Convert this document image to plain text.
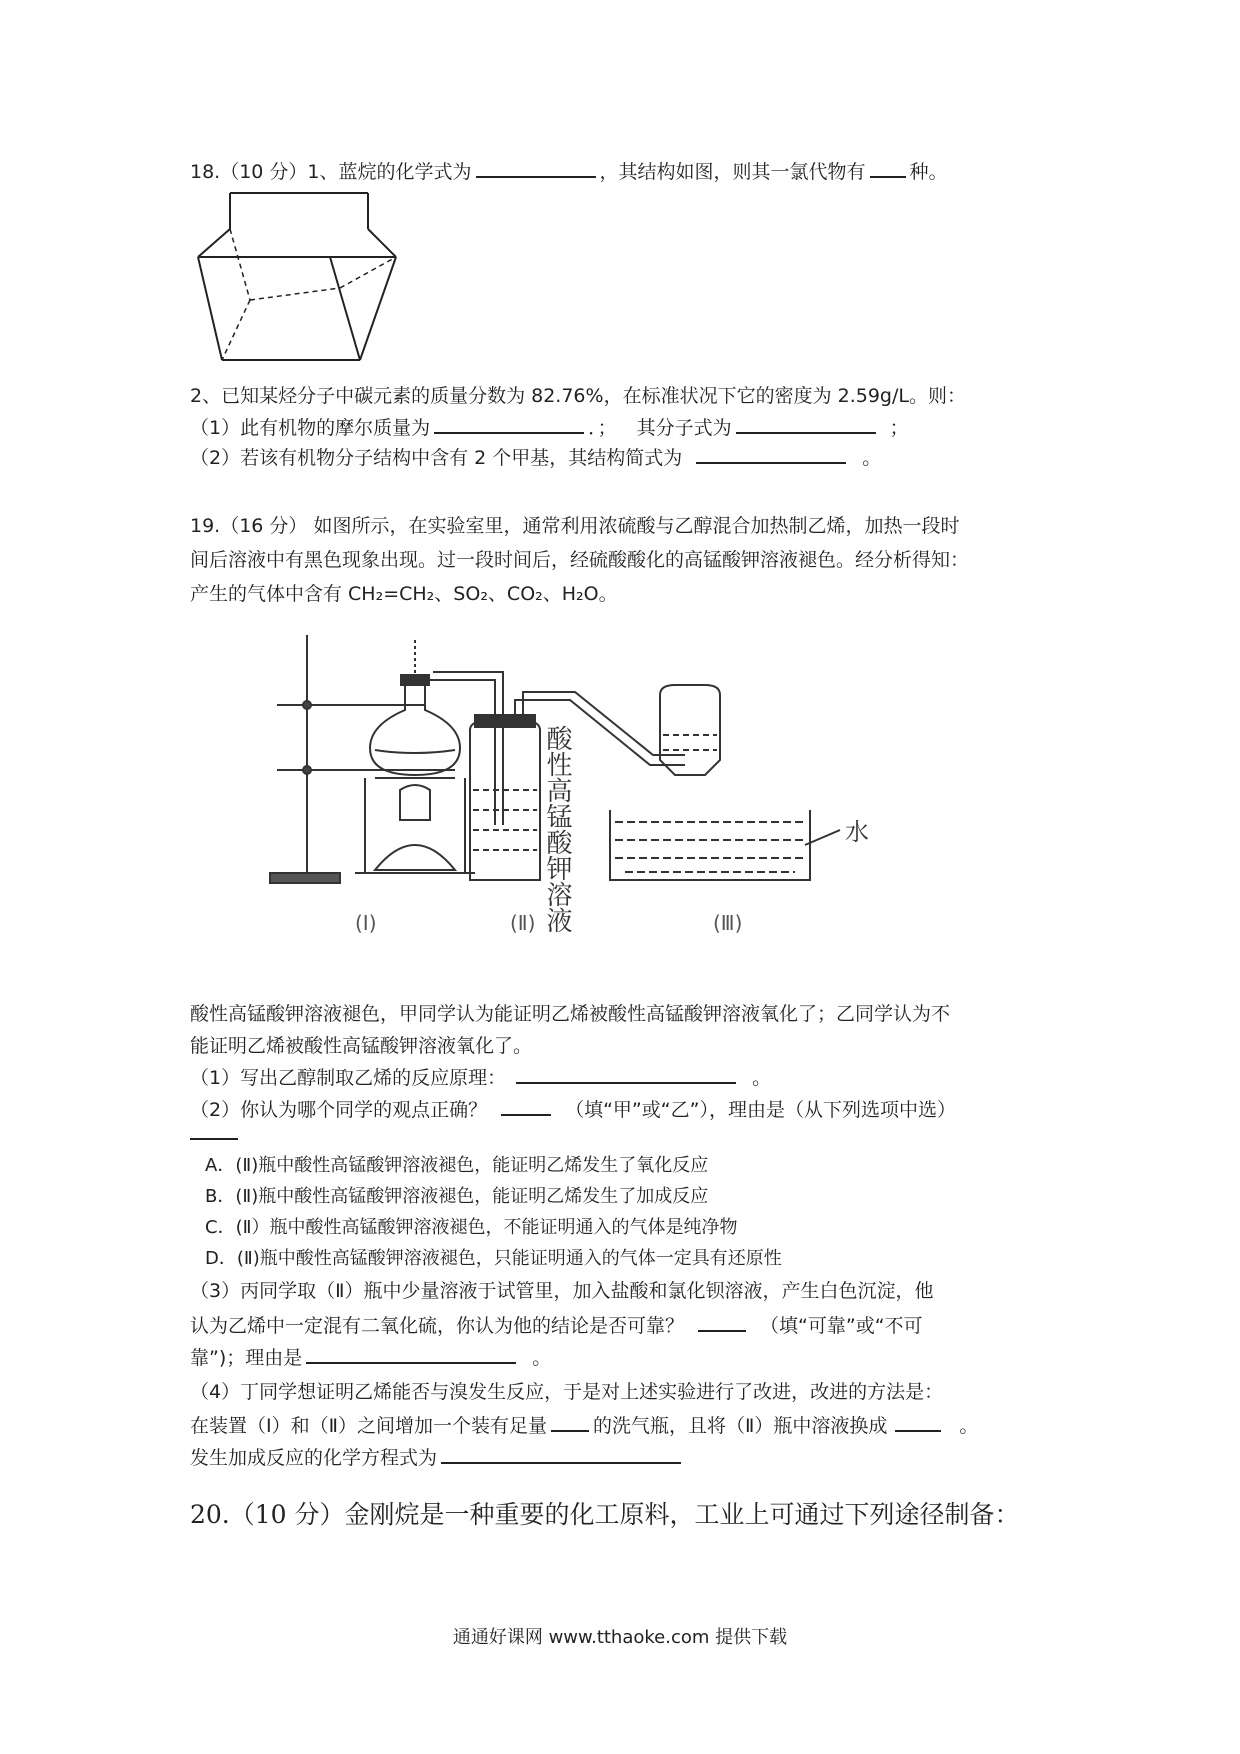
18.（10 分）1、蓝烷的化学式为	，其结构如图，则其一氯代物有 种。
2、已知某烃分子中碳元素的质量分数为 82.76%，在标准状况下它的密度为 2.59g/L。则：
（1）此有机物的摩尔质量为	．； 其分子式为	；
（2）若该有机物分子结构中含有 2 个甲基，其结构简式为	。
19.（16 分） 如图所示，在实验室里，通常利用浓硫酸与乙醇混合加热制乙烯，加热一段时
间后溶液中有黑色现象出现。过一段时间后，经硫酸酸化的高锰酸钾溶液褪色。经分析得知：
产生的气体中含有 CH₂=CH₂、SO₂、CO₂、H₂O。
(Ⅰ)	(Ⅱ)	(Ⅲ)
水
酸性高锰酸钾溶液
酸性高锰酸钾溶液褪色，甲同学认为能证明乙烯被酸性高锰酸钾溶液氧化了；乙同学认为不
能证明乙烯被酸性高锰酸钾溶液氧化了。
（1）写出乙醇制取乙烯的反应原理：	。
（2）你认为哪个同学的观点正确？	（填“甲”或“乙”），理由是（从下列选项中选）
A．(Ⅱ)瓶中酸性高锰酸钾溶液褪色，能证明乙烯发生了氧化反应
B．(Ⅱ)瓶中酸性高锰酸钾溶液褪色，能证明乙烯发生了加成反应
C．(Ⅱ）瓶中酸性高锰酸钾溶液褪色，不能证明通入的气体是纯净物
D．(Ⅱ)瓶中酸性高锰酸钾溶液褪色，只能证明通入的气体一定具有还原性
（3）丙同学取（Ⅱ）瓶中少量溶液于试管里，加入盐酸和氯化钡溶液，产生白色沉淀，他
认为乙烯中一定混有二氧化硫，你认为他的结论是否可靠？	（填“可靠”或“不可
靠”)；理由是	。
（4）丁同学想证明乙烯能否与溴发生反应，于是对上述实验进行了改进，改进的方法是：
在装置（Ⅰ）和（Ⅱ）之间增加一个装有足量 的洗气瓶，且将（Ⅱ）瓶中溶液换成	。
发生加成反应的化学方程式为
20.（10 分）金刚烷是一种重要的化工原料，工业上可通过下列途径制备：
通通好课网 www.tthaoke.com 提供下载
